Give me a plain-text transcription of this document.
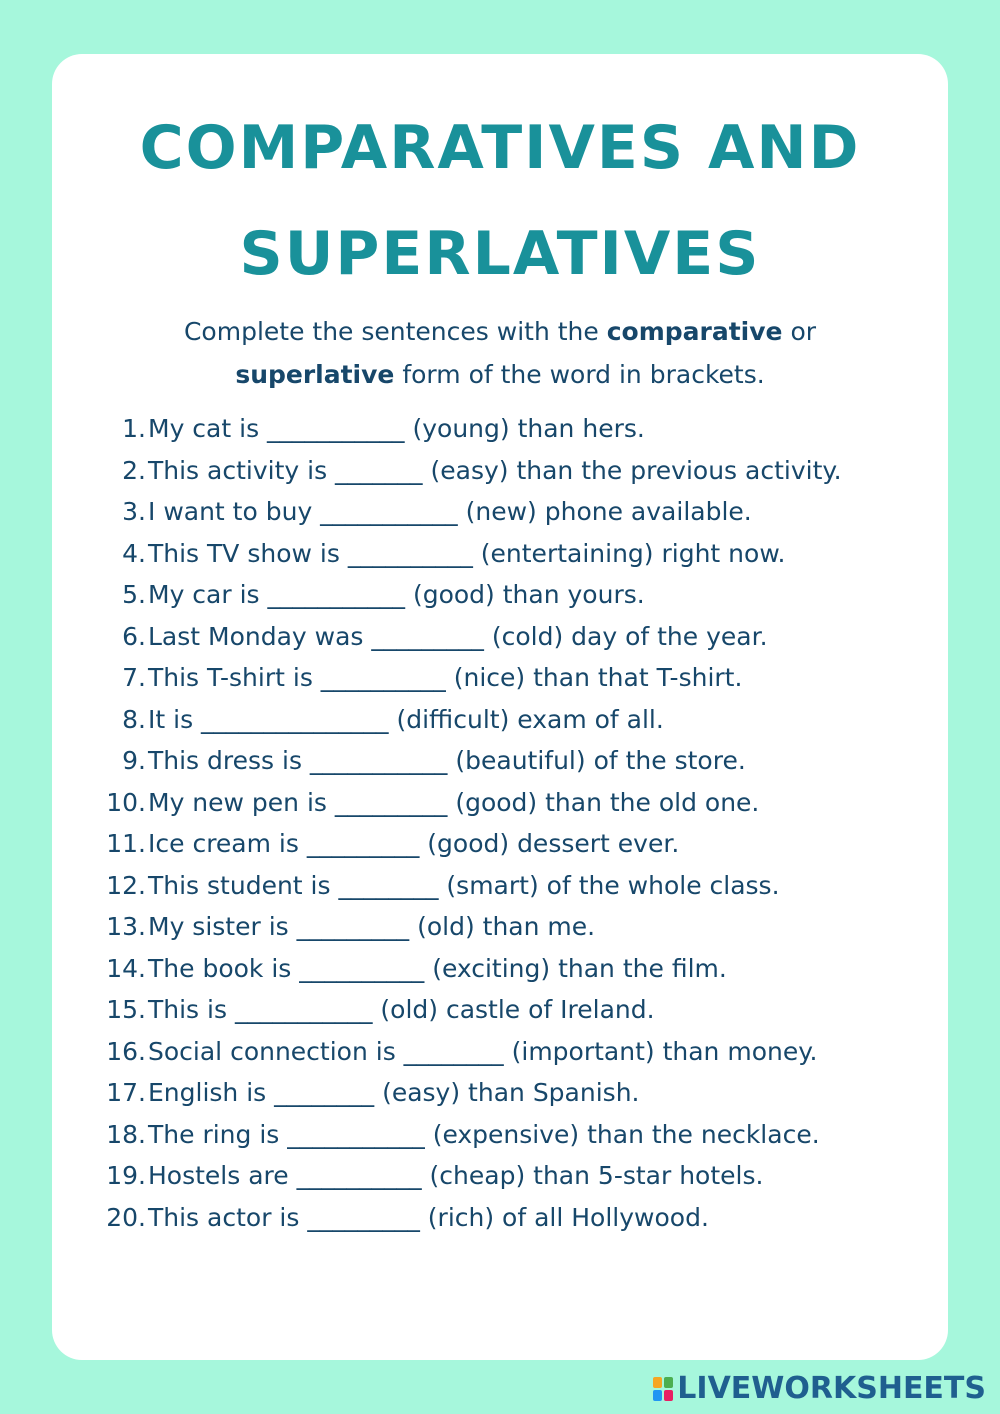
COMPARATIVES AND
SUPERLATIVES
Complete the sentences with the comparative or
superlative form of the word in brackets.
1. My cat is ___________ (young) than hers.
2. This activity is _______ (easy) than the previous activity.
3. I want to buy ___________ (new) phone available.
4. This TV show is __________ (entertaining) right now.
5. My car is ___________ (good) than yours.
6. Last Monday was _________ (cold) day of the year.
7. This T-shirt is __________ (nice) than that T-shirt.
8. It is _______________ (difficult) exam of all.
9. This dress is ___________ (beautiful) of the store.
10. My new pen is _________ (good) than the old one.
11. Ice cream is _________ (good) dessert ever.
12. This student is ________ (smart) of the whole class.
13. My sister is _________ (old) than me.
14. The book is __________ (exciting) than the film.
15. This is ___________ (old) castle of Ireland.
16. Social connection is ________ (important) than money.
17. English is ________ (easy) than Spanish.
18. The ring is ___________ (expensive) than the necklace.
19. Hostels are __________ (cheap) than 5-star hotels.
20. This actor is _________ (rich) of all Hollywood.
LIVEWORKSHEETS
